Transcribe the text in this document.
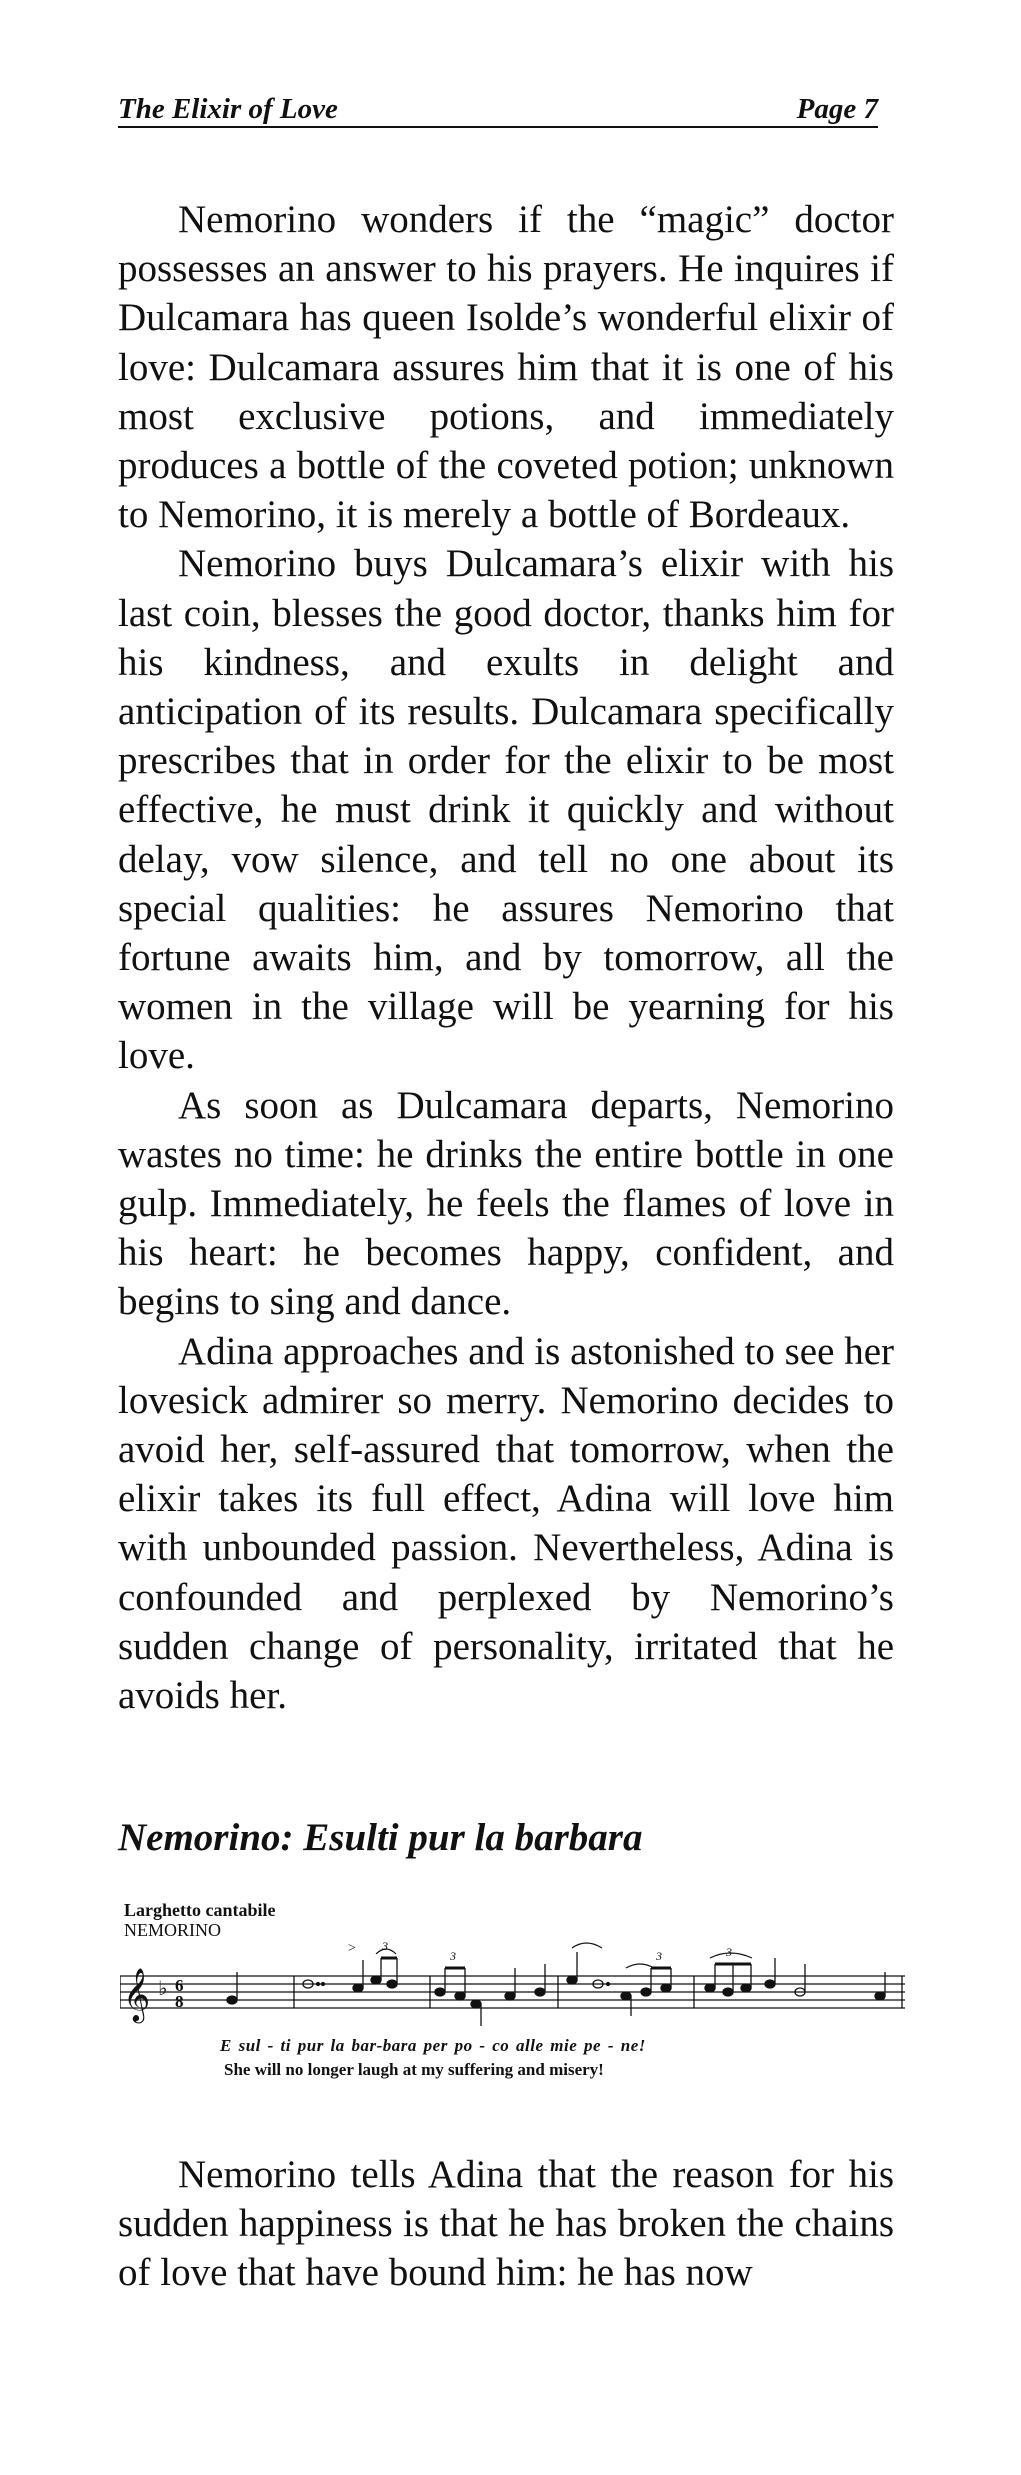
The Elixir of Love	Page 7

Nemorino wonders if the “magic” doctor possesses an answer to his prayers. He inquires if Dulcamara has queen Isolde’s wonderful elixir of love: Dulcamara assures him that it is one of his most exclusive potions, and immediately produces a bottle of the coveted potion; unknown to Nemorino, it is merely a bottle of Bordeaux.

Nemorino buys Dulcamara’s elixir with his last coin, blesses the good doctor, thanks him for his kindness, and exults in delight and anticipation of its results. Dulcamara specifically prescribes that in order for the elixir to be most effective, he must drink it quickly and without delay, vow silence, and tell no one about its special qualities: he assures Nemorino that fortune awaits him, and by tomorrow, all the women in the village will be yearning for his love.

As soon as Dulcamara departs, Nemorino wastes no time: he drinks the entire bottle in one gulp. Immediately, he feels the flames of love in his heart: he becomes happy, confident, and begins to sing and dance.

Adina approaches and is astonished to see her lovesick admirer so merry. Nemorino decides to avoid her, self-assured that tomorrow, when the elixir takes its full effect, Adina will love him with unbounded passion. Nevertheless, Adina is confounded and perplexed by Nemorino’s sudden change of personality, irritated that he avoids her.

Nemorino: Esulti pur la barbara
Larghetto cantabile
NEMORINO
𝄞 ♭ 6
8
> 3
3	3	3
E sul - ti pur la bar-bara per po - co alle mie pe - ne!
She will no longer laugh at my suffering and misery!

Nemorino tells Adina that the reason for his sudden happiness is that he has broken the chains of love that have bound him: he has now
